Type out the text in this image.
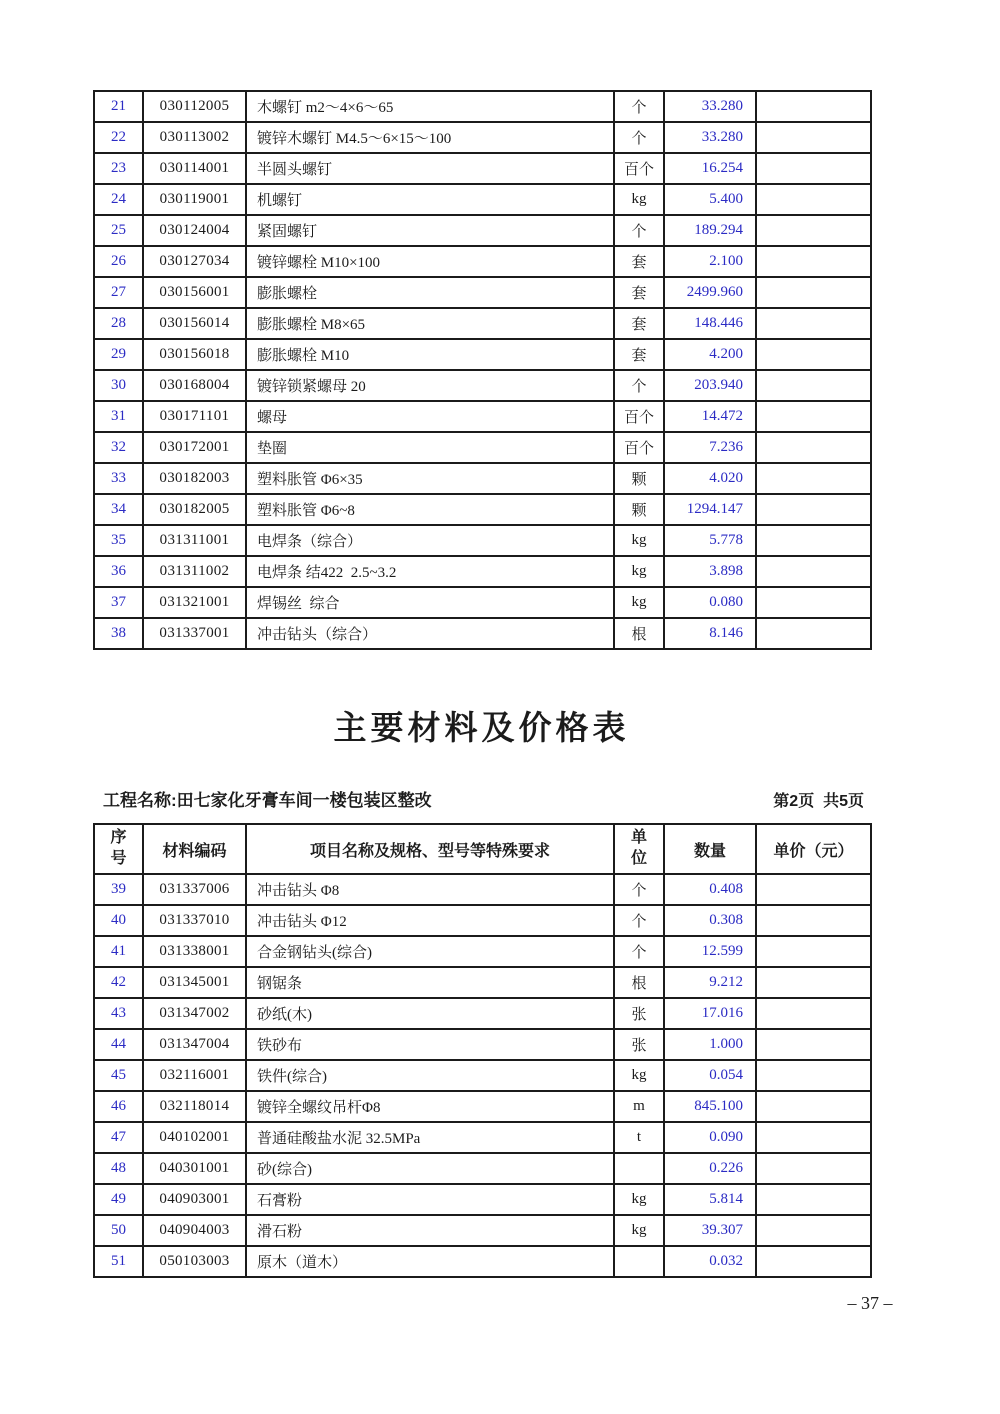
21	030112005	木螺钉 m2～4×6～65	个	33.280	
22	030113002	镀锌木螺钉 M4.5～6×15～100	个	33.280	
23	030114001	半圆头螺钉	百个	16.254	
24	030119001	机螺钉	kg	5.400	
25	030124004	紧固螺钉	个	189.294	
26	030127034	镀锌螺栓 M10×100	套	2.100	
27	030156001	膨胀螺栓	套	2499.960	
28	030156014	膨胀螺栓 M8×65	套	148.446	
29	030156018	膨胀螺栓 M10	套	4.200	
30	030168004	镀锌锁紧螺母 20	个	203.940	
31	030171101	螺母	百个	14.472	
32	030172001	垫圈	百个	7.236	
33	030182003	塑料胀管 Φ6×35	颗	4.020	
34	030182005	塑料胀管 Φ6~8	颗	1294.147	
35	031311001	电焊条（综合）	kg	5.778	
36	031311002	电焊条 结422  2.5~3.2	kg	3.898	
37	031321001	焊锡丝  综合	kg	0.080	
38	031337001	冲击钻头（综合）	根	8.146	
主要材料及价格表
工程名称:田七家化牙膏车间一楼包装区整改	第2页  共5页
序号	材料编码	项目名称及规格、型号等特殊要求	单位	数量	单价（元）
39	031337006	冲击钻头 Φ8	个	0.408	
40	031337010	冲击钻头 Φ12	个	0.308	
41	031338001	合金钢钻头(综合)	个	12.599	
42	031345001	钢锯条	根	9.212	
43	031347002	砂纸(木)	张	17.016	
44	031347004	铁砂布	张	1.000	
45	032116001	铁件(综合)	kg	0.054	
46	032118014	镀锌全螺纹吊杆Φ8	m	845.100	
47	040102001	普通硅酸盐水泥 32.5MPa	t	0.090	
48	040301001	砂(综合)		0.226	
49	040903001	石膏粉	kg	5.814	
50	040904003	滑石粉	kg	39.307	
51	050103003	原木（道木）		0.032	
– 37 –
